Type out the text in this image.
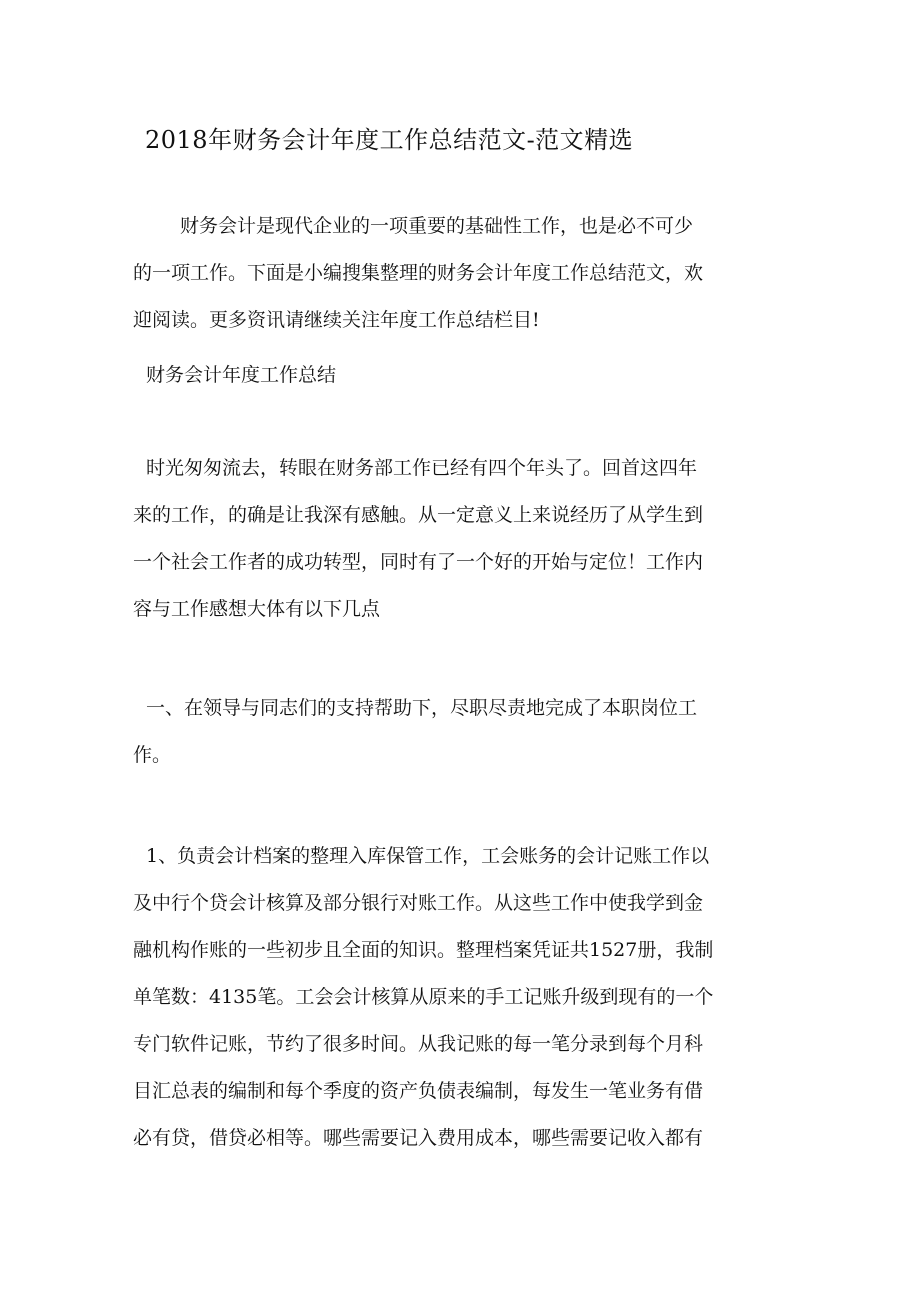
2018年财务会计年度工作总结范文-范文精选
财务会计是现代企业的一项重要的基础性工作，也是必不可少
的一项工作。下面是小编搜集整理的财务会计年度工作总结范文，欢
迎阅读。更多资讯请继续关注年度工作总结栏目!
财务会计年度工作总结
时光匆匆流去，转眼在财务部工作已经有四个年头了。回首这四年
来的工作，的确是让我深有感触。从一定意义上来说经历了从学生到
一个社会工作者的成功转型，同时有了一个好的开始与定位！工作内
容与工作感想大体有以下几点
一、在领导与同志们的支持帮助下，尽职尽责地完成了本职岗位工
作。
1、负责会计档案的整理入库保管工作，工会账务的会计记账工作以
及中行个贷会计核算及部分银行对账工作。从这些工作中使我学到金
融机构作账的一些初步且全面的知识。整理档案凭证共1527册，我制
单笔数：4135笔。工会会计核算从原来的手工记账升级到现有的一个
专门软件记账，节约了很多时间。从我记账的每一笔分录到每个月科
目汇总表的编制和每个季度的资产负债表编制，每发生一笔业务有借
必有贷，借贷必相等。哪些需要记入费用成本，哪些需要记收入都有
